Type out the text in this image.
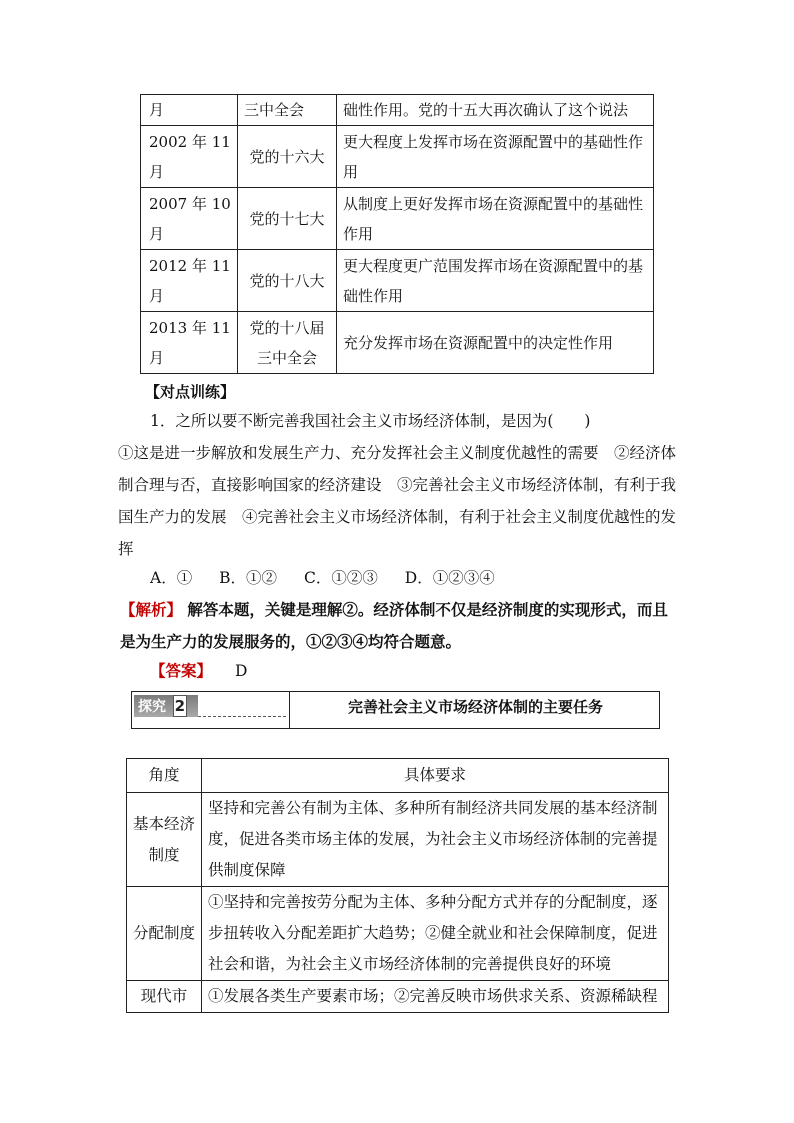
月	三中全会	础性作用。党的十五大再次确认了这个说法
2002 年 11 月	党的十六大	更大程度上发挥市场在资源配置中的基础性作用
2007 年 10 月	党的十七大	从制度上更好发挥市场在资源配置中的基础性作用
2012 年 11 月	党的十八大	更大程度更广范围发挥市场在资源配置中的基础性作用
2013 年 11 月	党的十八届三中全会	充分发挥市场在资源配置中的决定性作用
【对点训练】
1．之所以要不断完善我国社会主义市场经济体制，是因为(　　)
①这是进一步解放和发展生产力、充分发挥社会主义制度优越性的需要　②经济体制合理与否，直接影响国家的经济建设　③完善社会主义市场经济体制，有利于我国生产力的发展　④完善社会主义市场经济体制，有利于社会主义制度优越性的发挥
A．① B．①② C．①②③ D．①②③④
【解析】 解答本题，关键是理解②。经济体制不仅是经济制度的实现形式，而且是为生产力的发展服务的，①②③④均符合题意。
【答案】 D
探究 2	完善社会主义市场经济体制的主要任务
角度	具体要求
基本经济制度	坚持和完善公有制为主体、多种所有制经济共同发展的基本经济制度，促进各类市场主体的发展，为社会主义市场经济体制的完善提供制度保障
分配制度	①坚持和完善按劳分配为主体、多种分配方式并存的分配制度，逐步扭转收入分配差距扩大趋势；②健全就业和社会保障制度，促进社会和谐，为社会主义市场经济体制的完善提供良好的环境
现代市	①发展各类生产要素市场；②完善反映市场供求关系、资源稀缺程
